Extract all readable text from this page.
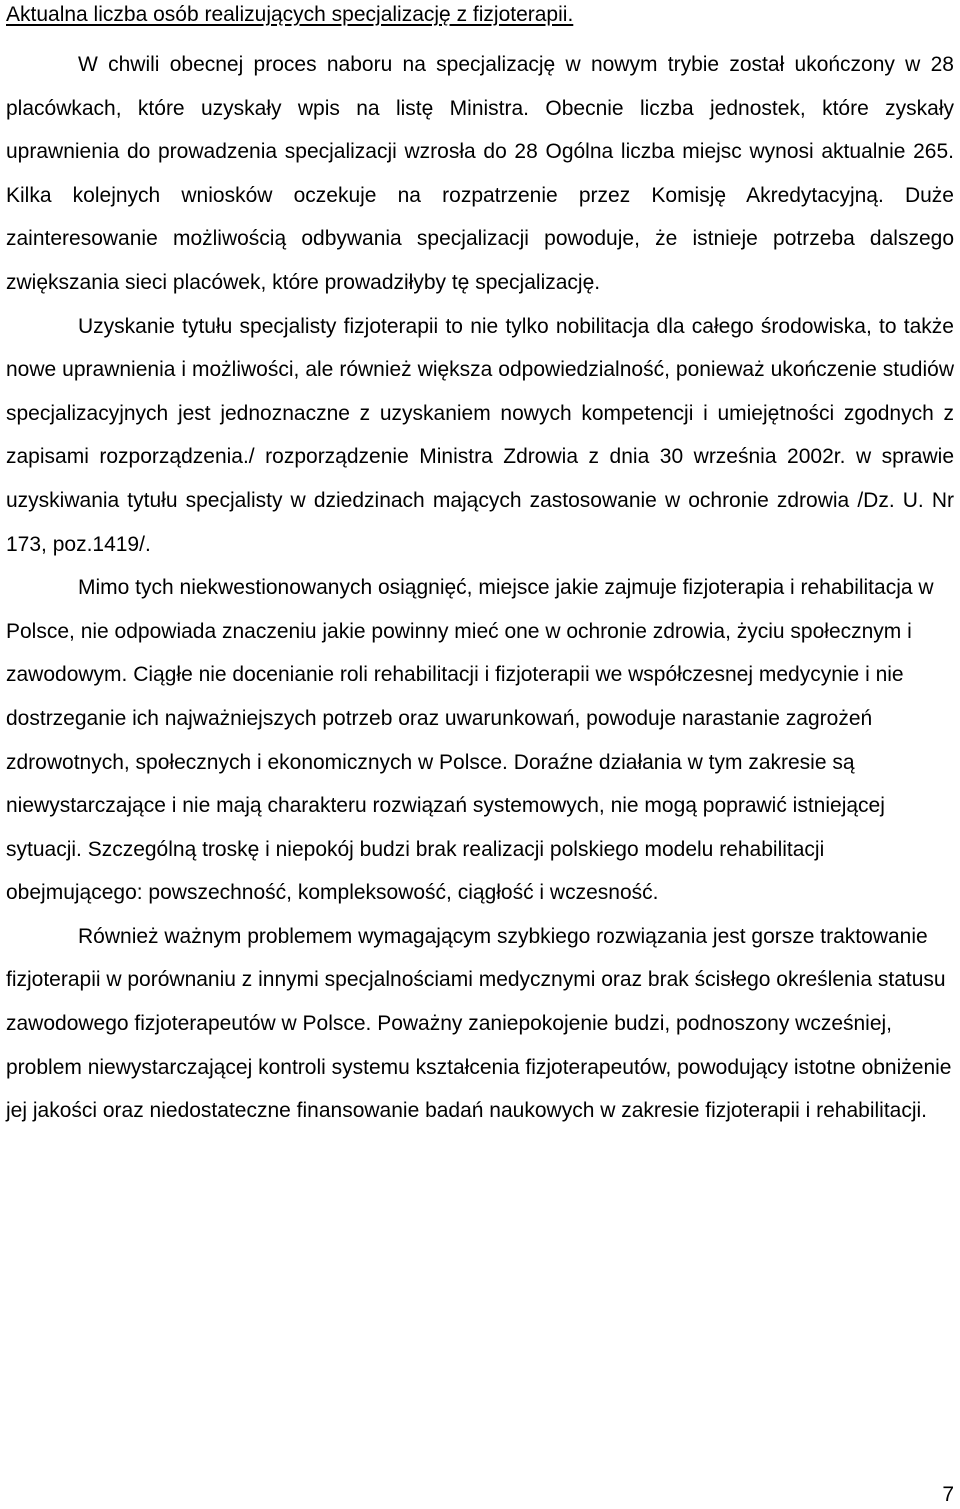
Aktualna liczba osób realizujących specjalizację z fizjoterapii.

W chwili obecnej proces naboru na specjalizację w nowym trybie został ukończony w 28 placówkach, które uzyskały wpis na listę Ministra. Obecnie liczba jednostek, które zyskały uprawnienia do prowadzenia specjalizacji wzrosła do 28 Ogólna liczba miejsc wynosi aktualnie 265. Kilka kolejnych wniosków oczekuje na rozpatrzenie przez Komisję Akredytacyjną. Duże zainteresowanie możliwością odbywania specjalizacji powoduje, że istnieje potrzeba dalszego zwiększania sieci placówek, które prowadziłyby tę specjalizację.

Uzyskanie tytułu specjalisty fizjoterapii to nie tylko nobilitacja dla całego środowiska, to także nowe uprawnienia i możliwości, ale również większa odpowiedzialność, ponieważ ukończenie studiów specjalizacyjnych jest jednoznaczne z uzyskaniem nowych kompetencji i umiejętności zgodnych z zapisami rozporządzenia./ rozporządzenie Ministra Zdrowia z dnia 30 września 2002r. w sprawie uzyskiwania tytułu specjalisty w dziedzinach mających zastosowanie w ochronie zdrowia /Dz. U. Nr 173, poz.1419/.

Mimo tych niekwestionowanych osiągnięć, miejsce jakie zajmuje fizjoterapia i rehabilitacja w Polsce, nie odpowiada znaczeniu jakie powinny mieć one w ochronie zdrowia, życiu społecznym i zawodowym. Ciągłe nie docenianie roli rehabilitacji i fizjoterapii we współczesnej medycynie i nie dostrzeganie ich najważniejszych potrzeb oraz uwarunkowań, powoduje narastanie zagrożeń zdrowotnych, społecznych i ekonomicznych w Polsce. Doraźne działania w tym zakresie są niewystarczające i nie mają charakteru rozwiązań systemowych, nie mogą poprawić istniejącej sytuacji. Szczególną troskę i niepokój budzi brak realizacji polskiego modelu rehabilitacji obejmującego: powszechność, kompleksowość, ciągłość i wczesność.

Również ważnym problemem wymagającym szybkiego rozwiązania jest gorsze traktowanie fizjoterapii w porównaniu z innymi specjalnościami medycznymi oraz brak ścisłego określenia statusu zawodowego fizjoterapeutów w Polsce. Poważny zaniepokojenie budzi, podnoszony wcześniej, problem niewystarczającej kontroli systemu kształcenia fizjoterapeutów, powodujący istotne obniżenie jej jakości oraz niedostateczne finansowanie badań naukowych w zakresie fizjoterapii i rehabilitacji.

7
